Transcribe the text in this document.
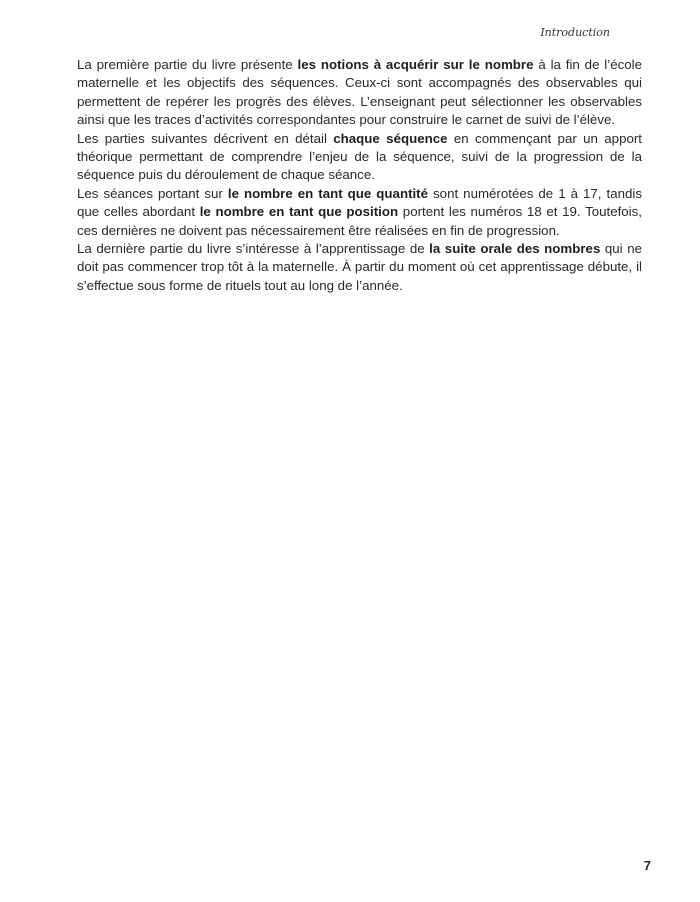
Introduction

La première partie du livre présente les notions à acquérir sur le nombre à la fin de l’école maternelle et les objectifs des séquences. Ceux-ci sont accompagnés des observables qui permettent de repérer les progrès des élèves. L’enseignant peut sélectionner les observables ainsi que les traces d’activités correspondantes pour construire le carnet de suivi de l’élève.

Les parties suivantes décrivent en détail chaque séquence en commençant par un apport théorique permettant de comprendre l’enjeu de la séquence, suivi de la progression de la séquence puis du déroulement de chaque séance.

Les séances portant sur le nombre en tant que quantité sont numérotées de 1 à 17, tandis que celles abordant le nombre en tant que position portent les numéros 18 et 19. Toutefois, ces dernières ne doivent pas nécessairement être réalisées en fin de progression.

La dernière partie du livre s’intéresse à l’apprentissage de la suite orale des nombres qui ne doit pas commencer trop tôt à la maternelle. À partir du moment où cet apprentissage débute, il s’effectue sous forme de rituels tout au long de l’année.

7
